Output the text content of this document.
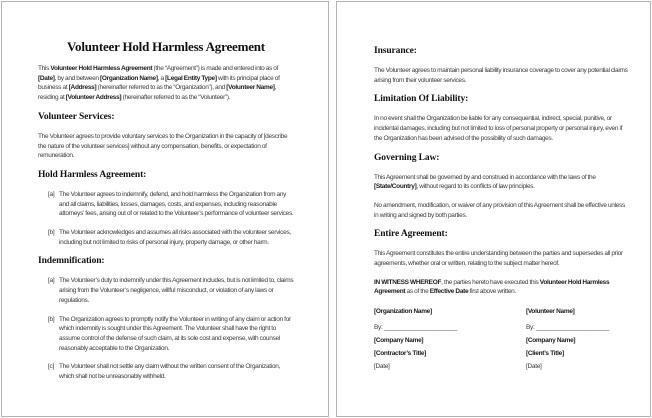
Volunteer Hold Harmless Agreement

This Volunteer Hold Harmless Agreement (the “Agreement”) is made and entered into as of [Date], by and between [Organization Name], a [Legal Entity Type] with its principal place of business at [Address] (hereinafter referred to as the “Organization”), and [Volunteer Name], residing at [Volunteer Address] (hereinafter referred to as the “Volunteer”).

Volunteer Services:

The Volunteer agrees to provide voluntary services to the Organization in the capacity of [describe the nature of the volunteer services] without any compensation, benefits, or expectation of remuneration.

Hold Harmless Agreement:
[a] The Volunteer agrees to indemnify, defend, and hold harmless the Organization from any and all claims, liabilities, losses, damages, costs, and expenses, including reasonable attorneys’ fees, arising out of or related to the Volunteer’s performance of volunteer services.
[b] The Volunteer acknowledges and assumes all risks associated with the volunteer services, including but not limited to risks of personal injury, property damage, or other harm.
Indemnification:
[a] The Volunteer’s duty to indemnify under this Agreement includes, but is not limited to, claims arising from the Volunteer’s negligence, willful misconduct, or violation of any laws or regulations.
[b] The Organization agrees to promptly notify the Volunteer in writing of any claim or action for which indemnity is sought under this Agreement. The Volunteer shall have the right to assume control of the defense of such claim, at its sole cost and expense, with counsel reasonably acceptable to the Organization.
[c] The Volunteer shall not settle any claim without the written consent of the Organization, which shall not be unreasonably withheld.
Insurance:

The Volunteer agrees to maintain personal liability insurance coverage to cover any potential claims arising from their volunteer services.

Limitation Of Liability:

In no event shall the Organization be liable for any consequential, indirect, special, punitive, or incidental damages, including but not limited to loss of personal property or personal injury, even if the Organization has been advised of the possibility of such damages.

Governing Law:

This Agreement shall be governed by and construed in accordance with the laws of the [State/Country], without regard to its conflicts of law principles.

No amendment, modification, or waiver of any provision of this Agreement shall be effective unless in writing and signed by both parties.

Entire Agreement:

This Agreement constitutes the entire understanding between the parties and supersedes all prior agreements, whether oral or written, relating to the subject matter hereof.

IN WITNESS WHEREOF, the parties hereto have executed this Volunteer Hold Harmless Agreement as of the Effective Date first above written.

[Organization Name]
By: ______________________
[Company Name]
[Contractor’s Title]
[Date]
[Volunteer Name]
By: ______________________
[Company Name]
[Client’s Title]
[Date]
